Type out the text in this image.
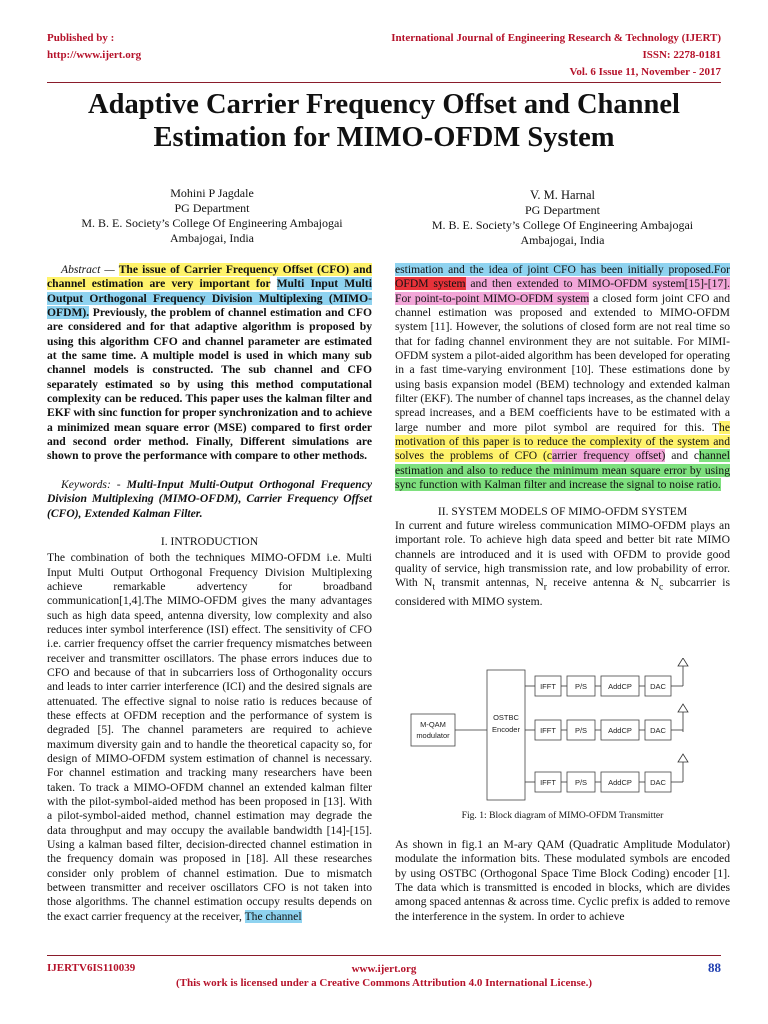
Published by :
http://www.ijert.org
International Journal of Engineering Research & Technology (IJERT)
ISSN: 2278-0181
Vol. 6 Issue 11, November - 2017
Adaptive Carrier Frequency Offset and Channel
Estimation for MIMO-OFDM System
Mohini P Jagdale
PG Department
M. B. E. Society’s College Of Engineering Ambajogai
Ambajogai, India
V. M. Harnal
PG Department
M. B. E. Society’s College Of Engineering Ambajogai
Ambajogai, India

Abstract — The issue of Carrier Frequency Offset (CFO) and channel estimation are very important for Multi Input Multi Output Orthogonal Frequency Division Multiplexing (MIMO-OFDM). Previously, the problem of channel estimation and CFO are considered and for that adaptive algorithm is proposed by using this algorithm CFO and channel parameter are estimated at the same time. A multiple model is used in which many sub channel models is constructed. The sub channel and CFO separately estimated so by using this method computational complexity can be reduced. This paper uses the kalman filter and EKF with sinc function for proper synchronization and to achieve a minimized mean square error (MSE) compared to first order and second order method. Finally, Different simulations are shown to prove the performance with compare to other methods.

Keywords: - Multi-Input Multi-Output Orthogonal Frequency Division Multiplexing (MIMO-OFDM), Carrier Frequency Offset (CFO), Extended Kalman Filter.

I. INTRODUCTION

The combination of both the techniques MIMO-OFDM i.e. Multi Input Multi Output Orthogonal Frequency Division Multiplexing achieve remarkable advertency for broadband communication[1,4].The MIMO-OFDM gives the many advantages such as high data speed, antenna diversity, low complexity and also reduces inter symbol interference (ISI) effect. The sensitivity of CFO i.e. carrier frequency offset the carrier frequency mismatches between receiver and transmitter oscillators. The phase errors induces due to CFO and because of that in subcarriers loss of Orthogonality occurs and leads to inter carrier interference (ICI) and the desired signals are attenuated. The effective signal to noise ratio is reduces because of these effects at OFDM reception and the performance of system is degraded [5]. The channel parameters are required to achieve maximum diversity gain and to handle the theoretical capacity so, for design of MIMO-OFDM system estimation of channel is necessary. For channel estimation and tracking many researchers have been taken. To track a MIMO-OFDM channel an extended kalman filter with the pilot-symbol-aided method has been proposed in [13]. With a pilot-symbol-aided method, channel estimation may degrade the data throughput and may occupy the available bandwidth [14]-[15]. Using a kalman based filter, decision-directed channel estimation in the frequency domain was proposed in [18]. All these researches consider only problem of channel estimation. Due to mismatch between transmitter and receiver oscillators CFO is not taken into those algorithms. The channel estimation occupy results depends on the exact carrier frequency at the receiver, The channel

estimation and the idea of joint CFO has been initially proposed.For OFDM system and then extended to MIMO-OFDM system[15]-[17]. For point-to-point MIMO-OFDM system a closed form joint CFO and channel estimation was proposed and extended to MIMO-OFDM system [11]. However, the solutions of closed form are not real time so that for fading channel environment they are not suitable. For MIMI-OFDM system a pilot-aided algorithm has been developed for operating in a fast time-varying environment [10]. These estimations done by using basis expansion model (BEM) technology and extended kalman filter (EKF). The number of channel taps increases, as the channel delay spread increases, and a BEM coefficients have to be estimated with a large number and more pilot symbol are required for this. The motivation of this paper is to reduce the complexity of the system and solves the problems of CFO (carrier frequency offset) and channel estimation and also to reduce the minimum mean square error by using sync function with Kalman filter and increase the signal to noise ratio.

II. SYSTEM MODELS OF MIMO-OFDM SYSTEM

In current and future wireless communication MIMO-OFDM plays an important role. To achieve high data speed and better bit rate MIMO channels are introduced and it is used with OFDM to provide good quality of service, high transmission rate, and low probability of error. With $N_t$ transmit antennas, $N_r$ receive antenna & $N_c$ subcarrier is considered with MIMO system.

M-QAM
modulator
OSTBC
Encoder
IFFT	P/S	AddCP DAC
IFFT	P/S	AddCP DAC
IFFT	P/S	AddCP DAC
Fig. 1: Block diagram of MIMO-OFDM Transmitter

As shown in fig.1 an M-ary QAM (Quadratic Amplitude Modulator) modulate the information bits. These modulated symbols are encoded by using OSTBC (Orthogonal Space Time Block Coding) encoder [1]. The data which is transmitted is encoded in blocks, which are divides among spaced antennas & across time. Cyclic prefix is added to remove the interference in the system. In order to achieve

www.ijert.org
(This work is licensed under a Creative Commons Attribution 4.0 International License.)
IJERTV6IS110039	88
